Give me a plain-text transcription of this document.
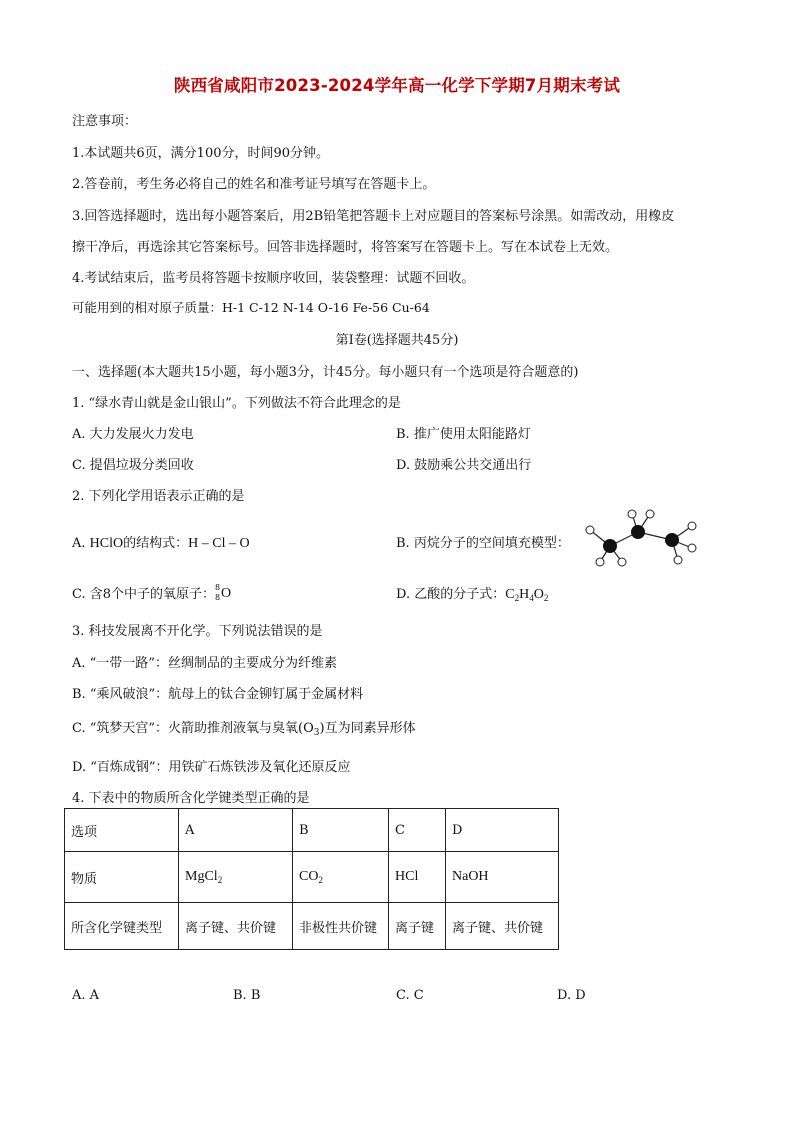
陕西省咸阳市2023-2024学年高一化学下学期7月期末考试
注意事项：
1.本试题共6页，满分100分，时间90分钟。
2.答卷前，考生务必将自己的姓名和准考证号填写在答题卡上。
3.回答选择题时，选出每小题答案后，用2B铅笔把答题卡上对应题目的答案标号涂黑。如需改动，用橡皮
擦干净后，再选涂其它答案标号。回答非选择题时，将答案写在答题卡上。写在本试卷上无效。
4.考试结束后，监考员将答题卡按顺序收回，装袋整理：试题不回收。
可能用到的相对原子质量：H-1 C-12 N-14 O-16 Fe-56 Cu-64
第Ⅰ卷(选择题共45分)
一、选择题(本大题共15小题，每小题3分，计45分。每小题只有一个选项是符合题意的)
1. “绿水青山就是金山银山”。下列做法不符合此理念的是
A. 大力发展火力发电	B. 推广使用太阳能路灯
C. 提倡垃圾分类回收	D. 鼓励乘公共交通出行
2. 下列化学用语表示正确的是
A. HClO的结构式：H – Cl – O	B. 丙烷分子的空间填充模型：
C. 含8个中子的氧原子： 8
8 O	D. 乙酸的分子式：$C_2H_4O_2$
3. 科技发展离不开化学。下列说法错误的是
A. “一带一路”：丝绸制品的主要成分为纤维素
B. “乘风破浪”：航母上的钛合金铆钉属于金属材料
C. “筑梦天宫”：火箭助推剂液氧与臭氧$(O_3)$互为同素异形体
D. “百炼成钢”：用铁矿石炼铁涉及氧化还原反应
4. 下表中的物质所含化学键类型正确的是
选项	A	B	C	D
物质	MgCl$_2$	$CO_2$	HCl	NaOH
所含化学键类型	离子键、共价键	非极性共价键	离子键	离子键、共价键
A. A	B. B	C. C	D. D
